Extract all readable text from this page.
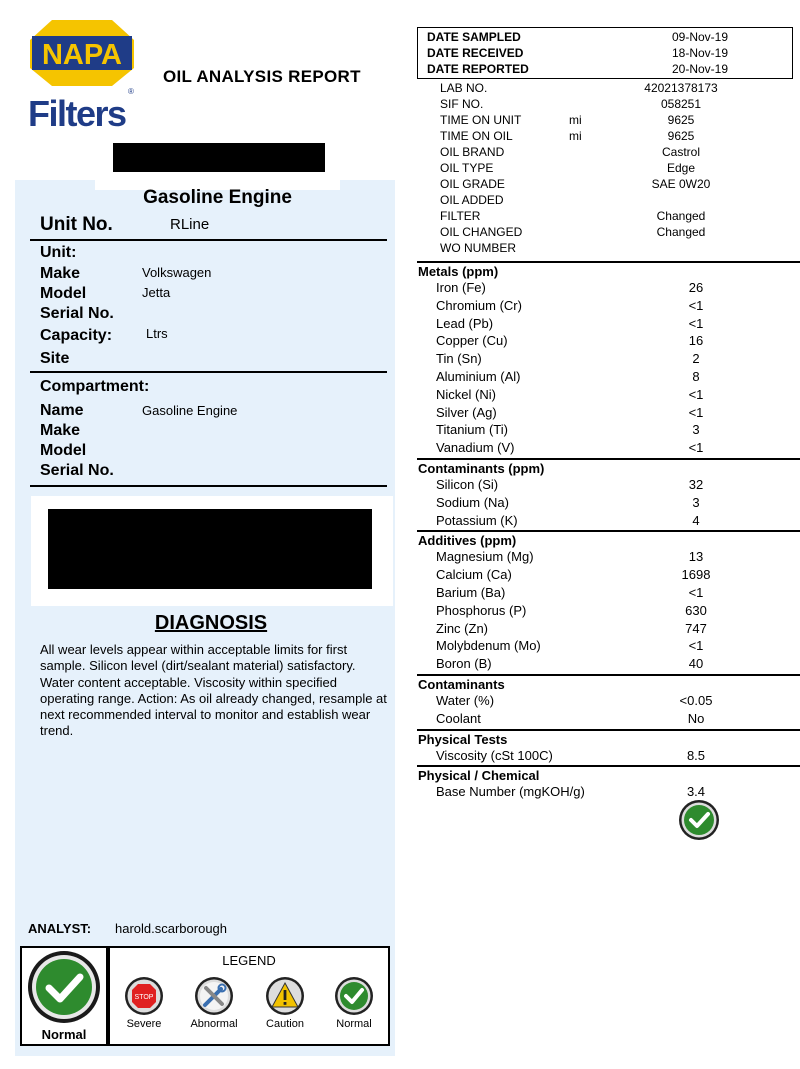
NAPA
®
Filters
OIL ANALYSIS REPORT
Gasoline Engine
Unit No.	RLine
Unit:
Make	Volkswagen
Model	Jetta
Serial No.
Capacity:	Ltrs
Site
Compartment:
Name	Gasoline Engine
Make
Model
Serial No.
DIAGNOSIS
All wear levels appear within acceptable limits for first sample. Silicon level (dirt/sealant material) satisfactory. Water content acceptable. Viscosity within specified operating range. Action: As oil already changed, resample at next recommended interval to monitor and establish wear trend.
ANALYST: harold.scarborough
Normal
LEGEND
STOP
Severe	Abnormal	Caution	Normal
DATE SAMPLED	09-Nov-19
DATE RECEIVED	18-Nov-19
DATE REPORTED	20-Nov-19
LAB NO.	42021378173
SIF NO.	058251
TIME ON UNIT	mi	9625
TIME ON OIL	mi	9625
OIL BRAND	Castrol
OIL TYPE	Edge
OIL GRADE	SAE 0W20
OIL ADDED
FILTER	Changed
OIL CHANGED	Changed
WO NUMBER
Metals (ppm)
Iron (Fe)	26
Chromium (Cr)	<1
Lead (Pb)	<1
Copper (Cu)	16
Tin (Sn)	2
Aluminium (Al)	8
Nickel (Ni)	<1
Silver (Ag)	<1
Titanium (Ti)	3
Vanadium (V)	<1
Contaminants (ppm)
Silicon (Si)	32
Sodium (Na)	3
Potassium (K)	4
Additives (ppm)
Magnesium (Mg)	13
Calcium (Ca)	1698
Barium (Ba)	<1
Phosphorus (P)	630
Zinc (Zn)	747
Molybdenum (Mo)	<1
Boron (B)	40
Contaminants
Water (%)	<0.05
Coolant	No
Physical Tests
Viscosity (cSt 100C)	8.5
Physical / Chemical
Base Number (mgKOH/g)	3.4
